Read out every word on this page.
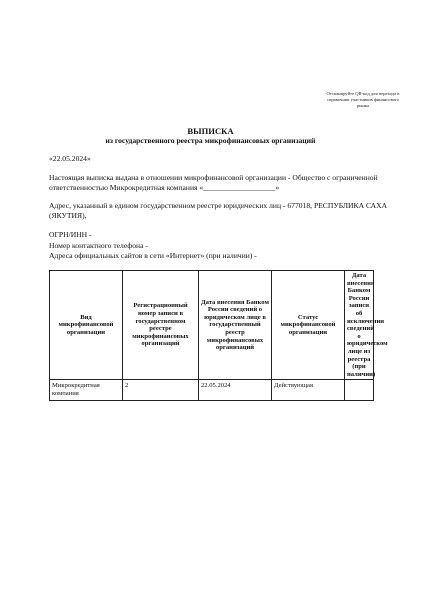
Отсканируйте QR-код для перехода в справочник участников финансового рынка
ВЫПИСКА
из государственного реестра микрофинансовых организаций
«22.05.2024»
Настоящая выписка выдана в отношении микрофинансовой организации - Общество с ограниченной ответственностью Микрокредитная компания «___________________»
Адрес, указанный в едином государственном реестре юридических лиц - 677018, РЕСПУБЛИКА САХА (ЯКУТИЯ),
ОГРН/ИНН -
Номер контактного телефона -
Адреса официальных сайтов в сети «Интернет» (при наличии) -
Вид микрофинансовой организации	Регистрационный номер записи в государственном реестре микрофинансовых организаций	Дата внесения Банком России сведений о юридическом лице в государственный реестр микрофинансовых организаций	Статус микрофинансовой организации	Дата внесения Банком России записи об исключении сведений о юридическом лице из реестра (при наличии)
Микрокредитная компания	2	22.05.2024	Действующая	
